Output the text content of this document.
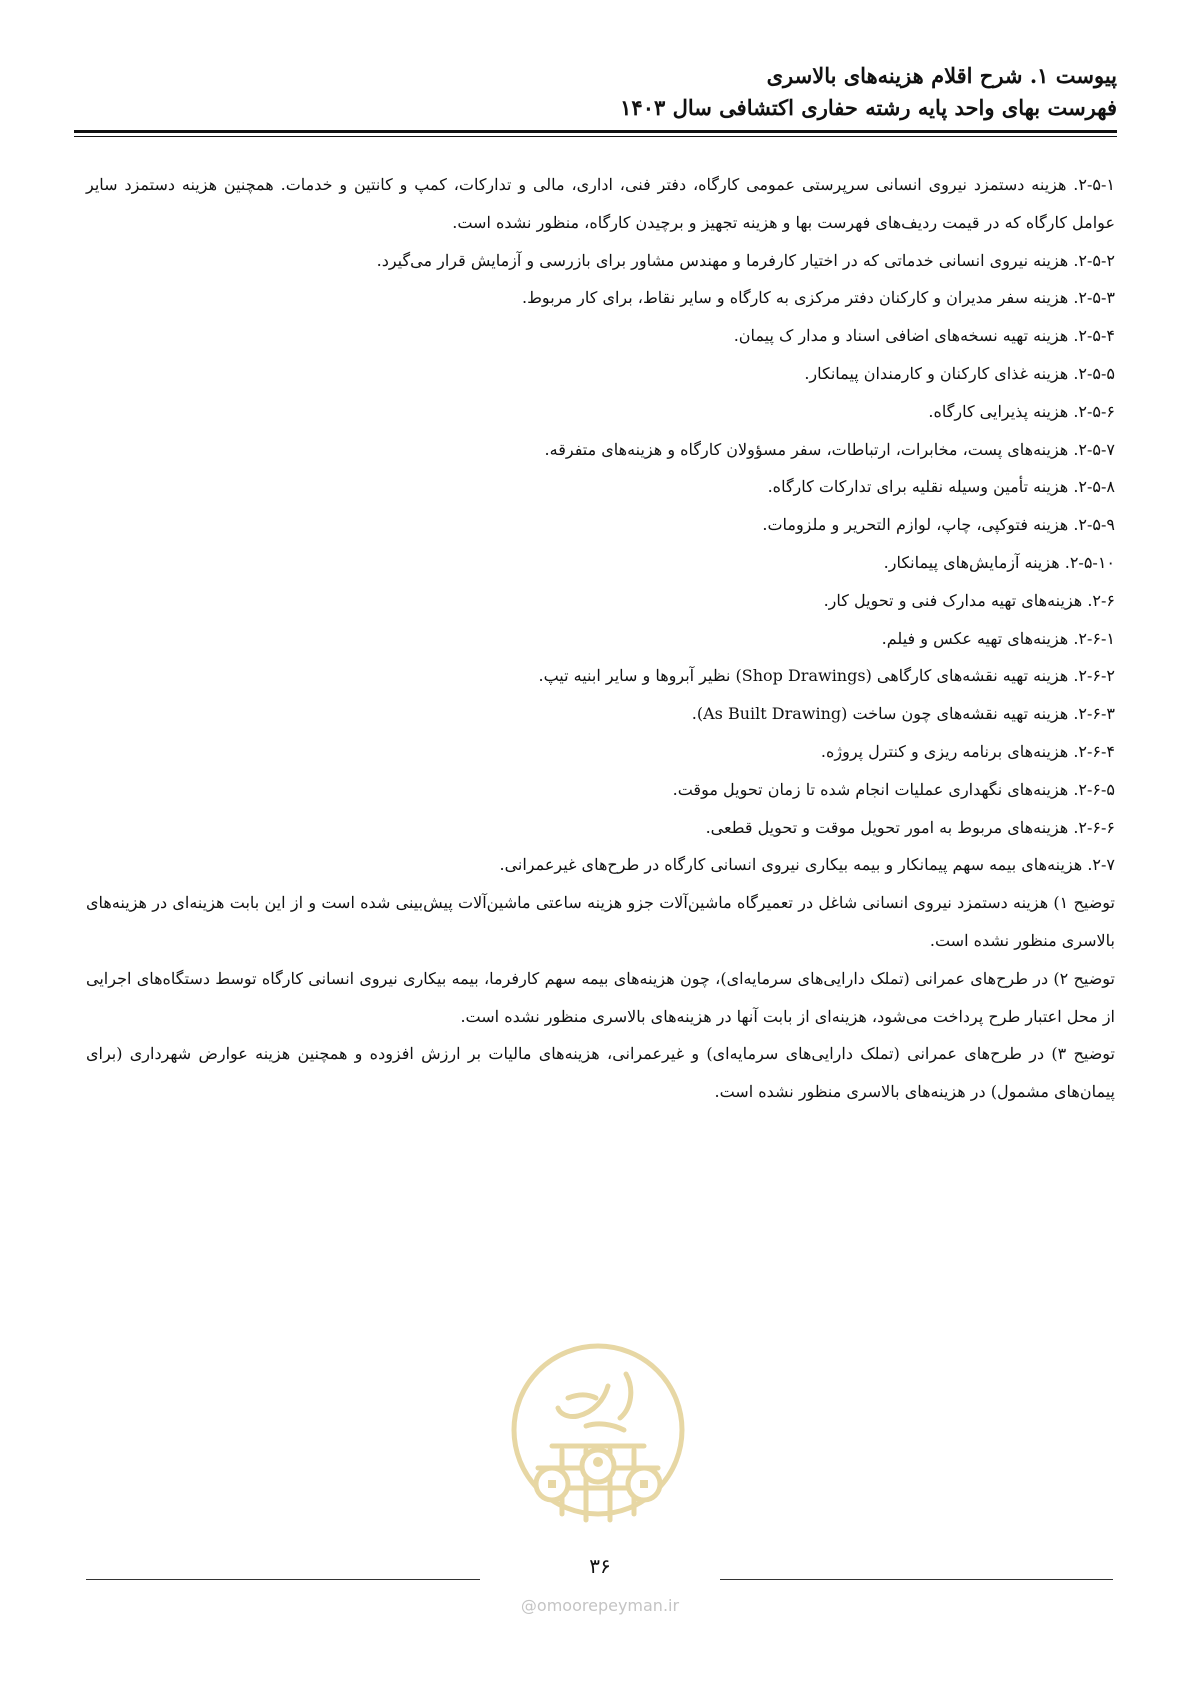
پیوست ۱. شرح اقلام هزینه‌های بالاسری
فهرست بهای واحد پایه رشته حفاری اکتشافی سال ۱۴۰۳

۲-۵-۱. هزینه دستمزد نیروی انسانی سرپرستی عمومی کارگاه، دفتر فنی، اداری، مالی و تدارکات، کمپ و کانتین و خدمات. همچنین هزینه دستمزد سایر عوامل کارگاه که در قیمت ردیف‌های فهرست بها و هزینه تجهیز و برچیدن کارگاه، منظور نشده است.

۲-۵-۲. هزینه نیروی انسانی خدماتی که در اختیار کارفرما و مهندس مشاور برای بازرسی و آزمایش قرار می‌گیرد.

۲-۵-۳. هزینه سفر مدیران و کارکنان دفتر مرکزی به کارگاه و سایر نقاط، برای کار مربوط.

۲-۵-۴. هزینه تهیه نسخه‌های اضافی اسناد و مدار ک پیمان.

۲-۵-۵. هزینه غذای کارکنان و کارمندان پیمانکار.

۲-۵-۶. هزینه پذیرایی کارگاه.

۲-۵-۷. هزینه‌های پست، مخابرات، ارتباطات، سفر مسؤولان کارگاه و هزینه‌های متفرقه.

۲-۵-۸. هزینه تأمین وسیله نقلیه برای تدارکات کارگاه.

۲-۵-۹. هزینه فتوکپی، چاپ، لوازم التحریر و ملزومات.

۲-۵-۱۰. هزینه آزمایش‌های پیمانکار.

۲-۶. هزینه‌های تهیه مدارک فنی و تحویل کار.

۲-۶-۱. هزینه‌های تهیه عکس و فیلم.

۲-۶-۲. هزینه تهیه نقشه‌های کارگاهی (Shop Drawings) نظیر آبروها و سایر ابنیه تیپ.

۲-۶-۳. هزینه تهیه نقشه‌های چون ساخت (As Built Drawing).

۲-۶-۴. هزینه‌های برنامه ریزی و کنترل پروژه.

۲-۶-۵. هزینه‌های نگهداری عملیات انجام شده تا زمان تحویل موقت.

۲-۶-۶. هزینه‌های مربوط به امور تحویل موقت و تحویل قطعی.

۲-۷. هزینه‌های بیمه سهم پیمانکار و بیمه بیکاری نیروی انسانی کارگاه در طرح‌های غیرعمرانی.

توضیح ۱) هزینه دستمزد نیروی انسانی شاغل در تعمیرگاه ماشین‌آلات جزو هزینه ساعتی ماشین‌آلات پیش‌بینی شده است و از این بابت هزینه‌ای در هزینه‌های بالاسری منظور نشده است.

توضیح ۲) در طرح‌های عمرانی (تملک دارایی‌های سرمایه‌ای)، چون هزینه‌های بیمه سهم کارفرما، بیمه بیکاری نیروی انسانی کارگاه توسط دستگاه‌های اجرایی از محل اعتبار طرح پرداخت می‌شود، هزینه‌ای از بابت آنها در هزینه‌های بالاسری منظور نشده است.

توضیح ۳) در طرح‌های عمرانی (تملک دارایی‌های سرمایه‌ای) و غیرعمرانی، هزینه‌های مالیات بر ارزش افزوده و همچنین هزینه عوارض شهرداری (برای پیمان‌های مشمول) در هزینه‌های بالاسری منظور نشده است.

۳۶
@omoorepeyman.ir
